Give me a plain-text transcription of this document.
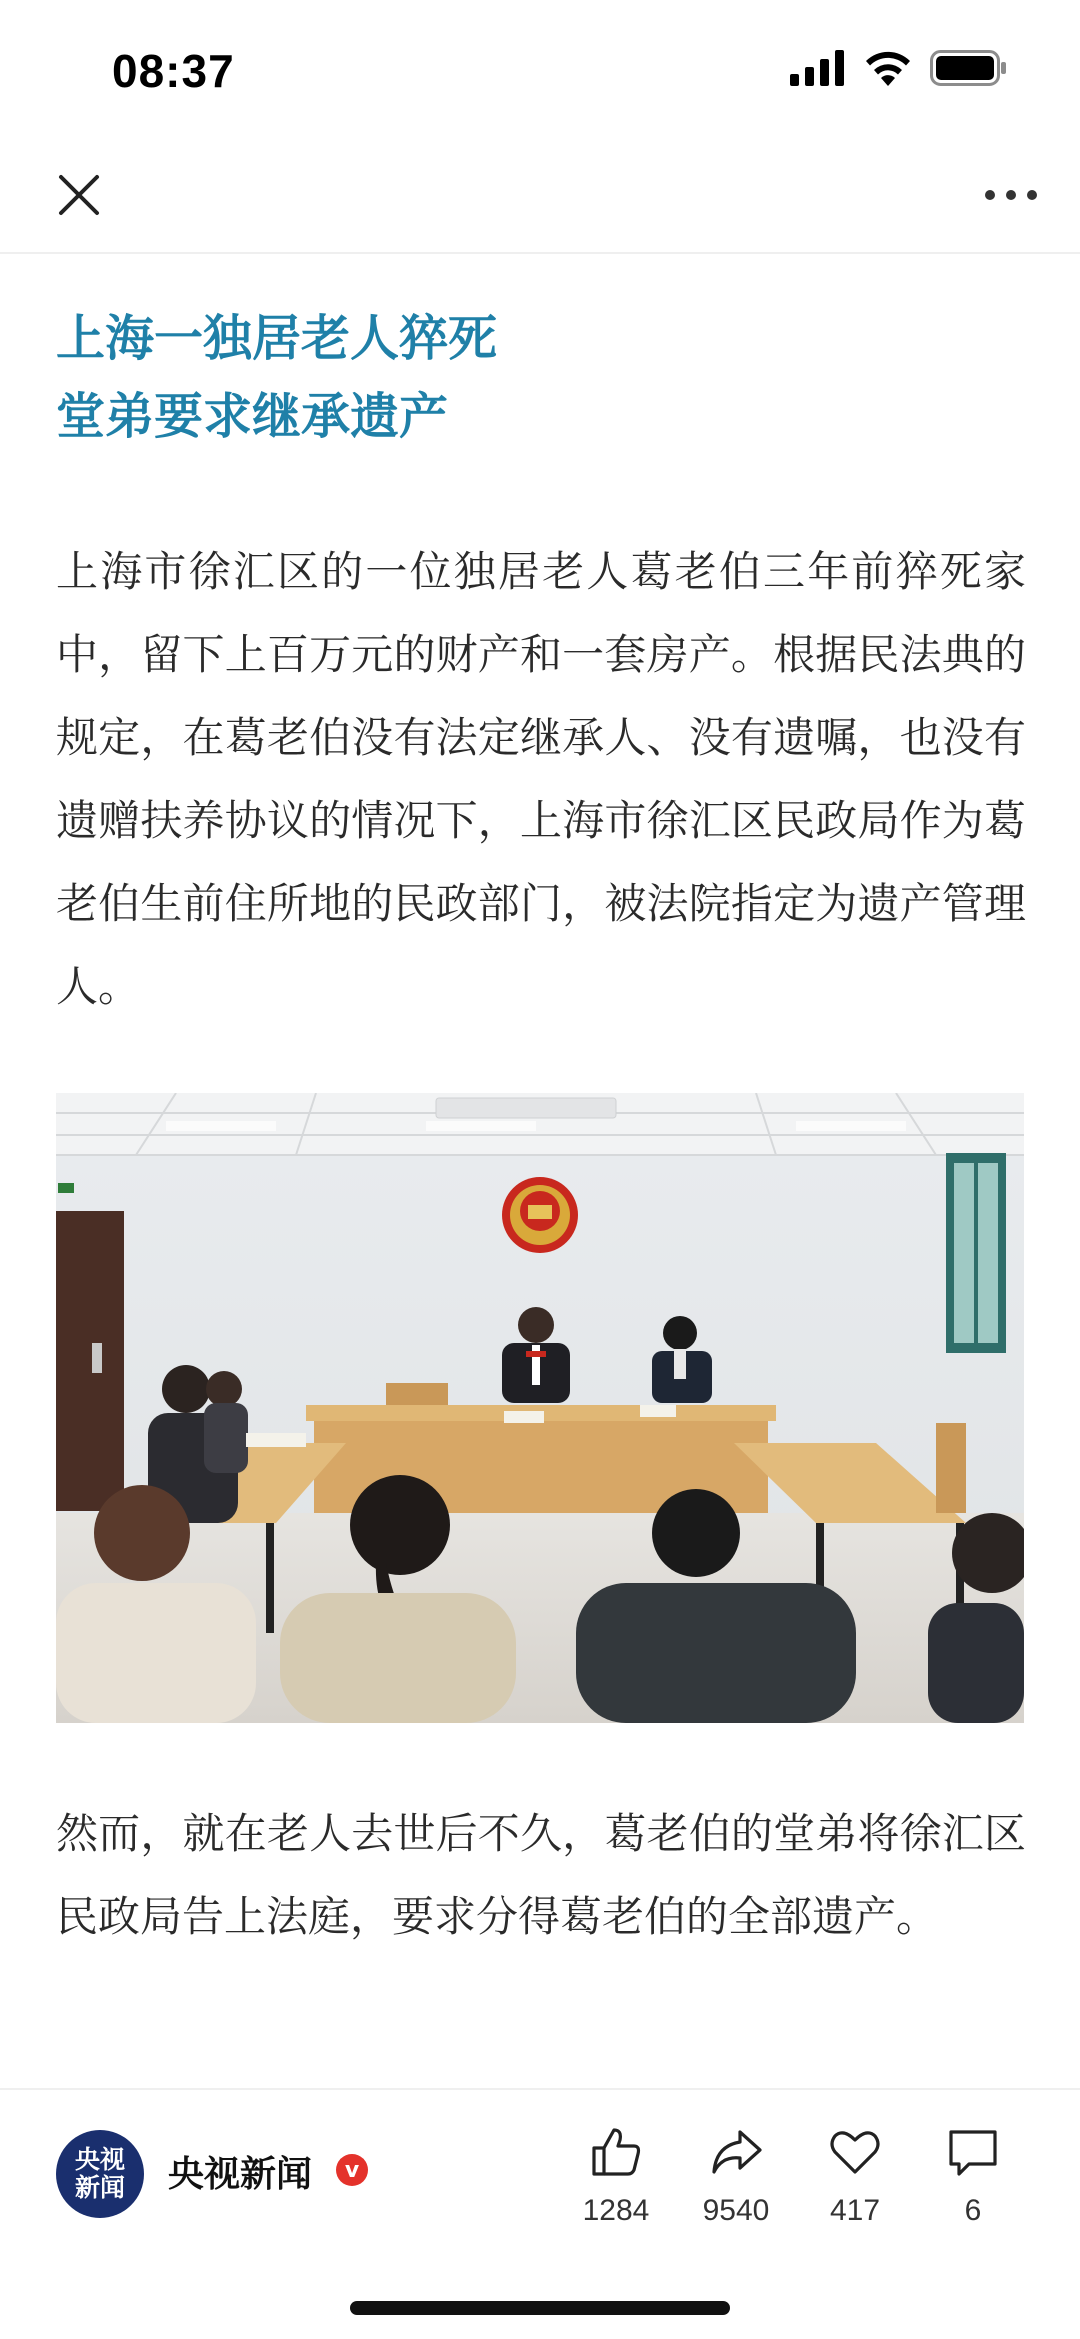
08:37

上海一独居老人猝死

堂弟要求继承遗产

上海市徐汇区的一位独居老人葛老伯三年前猝死家中，留下上百万元的财产和一套房产。根据民法典的规定，在葛老伯没有法定继承人、没有遗嘱，也没有遗赠扶养协议的情况下，上海市徐汇区民政局作为葛老伯生前住所地的民政部门，被法院指定为遗产管理人。

然而，就在老人去世后不久，葛老伯的堂弟将徐汇区民政局告上法庭，要求分得葛老伯的全部遗产。

央视
新闻 央视新闻	v
1284 9540 417	6
